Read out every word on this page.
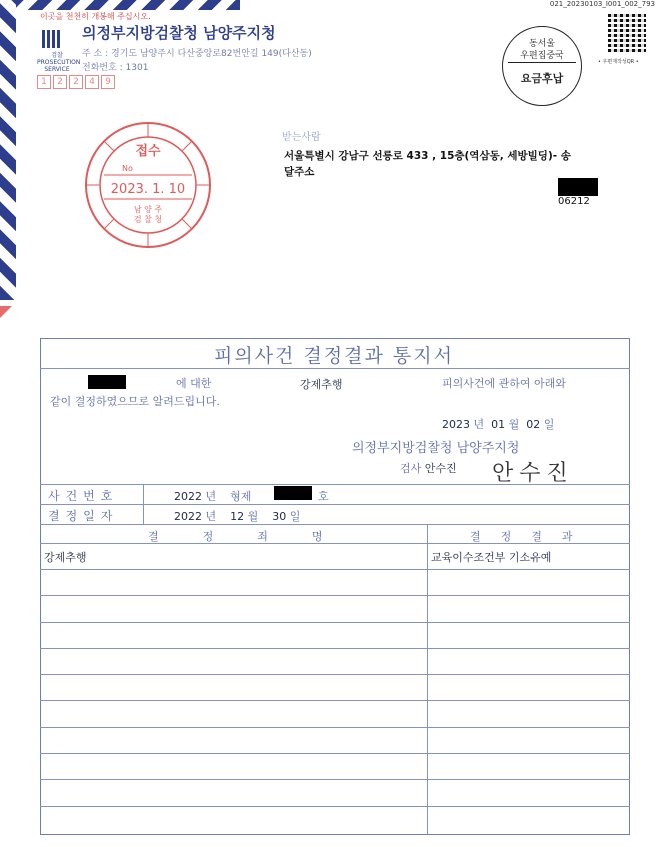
이곳을 천천히 개봉해 주십시오.
021_20230103_I001_002_793
검찰 PROSECUTION SERVICE
의정부지방검찰청 남양주지청
주 소 : 경기도 남양주시 다산중앙로82번안길 149(다산동)
전화번호 : 1301
1	2	2	4	9
동서울
우편집중국
요금후납
• 우편재작성QR •
접수
No
2023. 1. 10
남 양 주
검 찰 청
받는사람
서울특별시 강남구 선릉로 433 , 15층(역삼동, 세방빌딩)- 송
달주소
06212
피의사건 결정결과 통지서
에 대한	강제추행	피의사건에 관하여 아래와
같이 결정하였으므로 알려드립니다.
2023 년 01 월 02 일
의정부지방검찰청 남양주지청
검사 안수진 안수진
사건번호	2022 년 형제	호
결정일자	2022 년 12 월 30 일
결정죄명	결정결과
강제추행	교육이수조건부 기소유예
